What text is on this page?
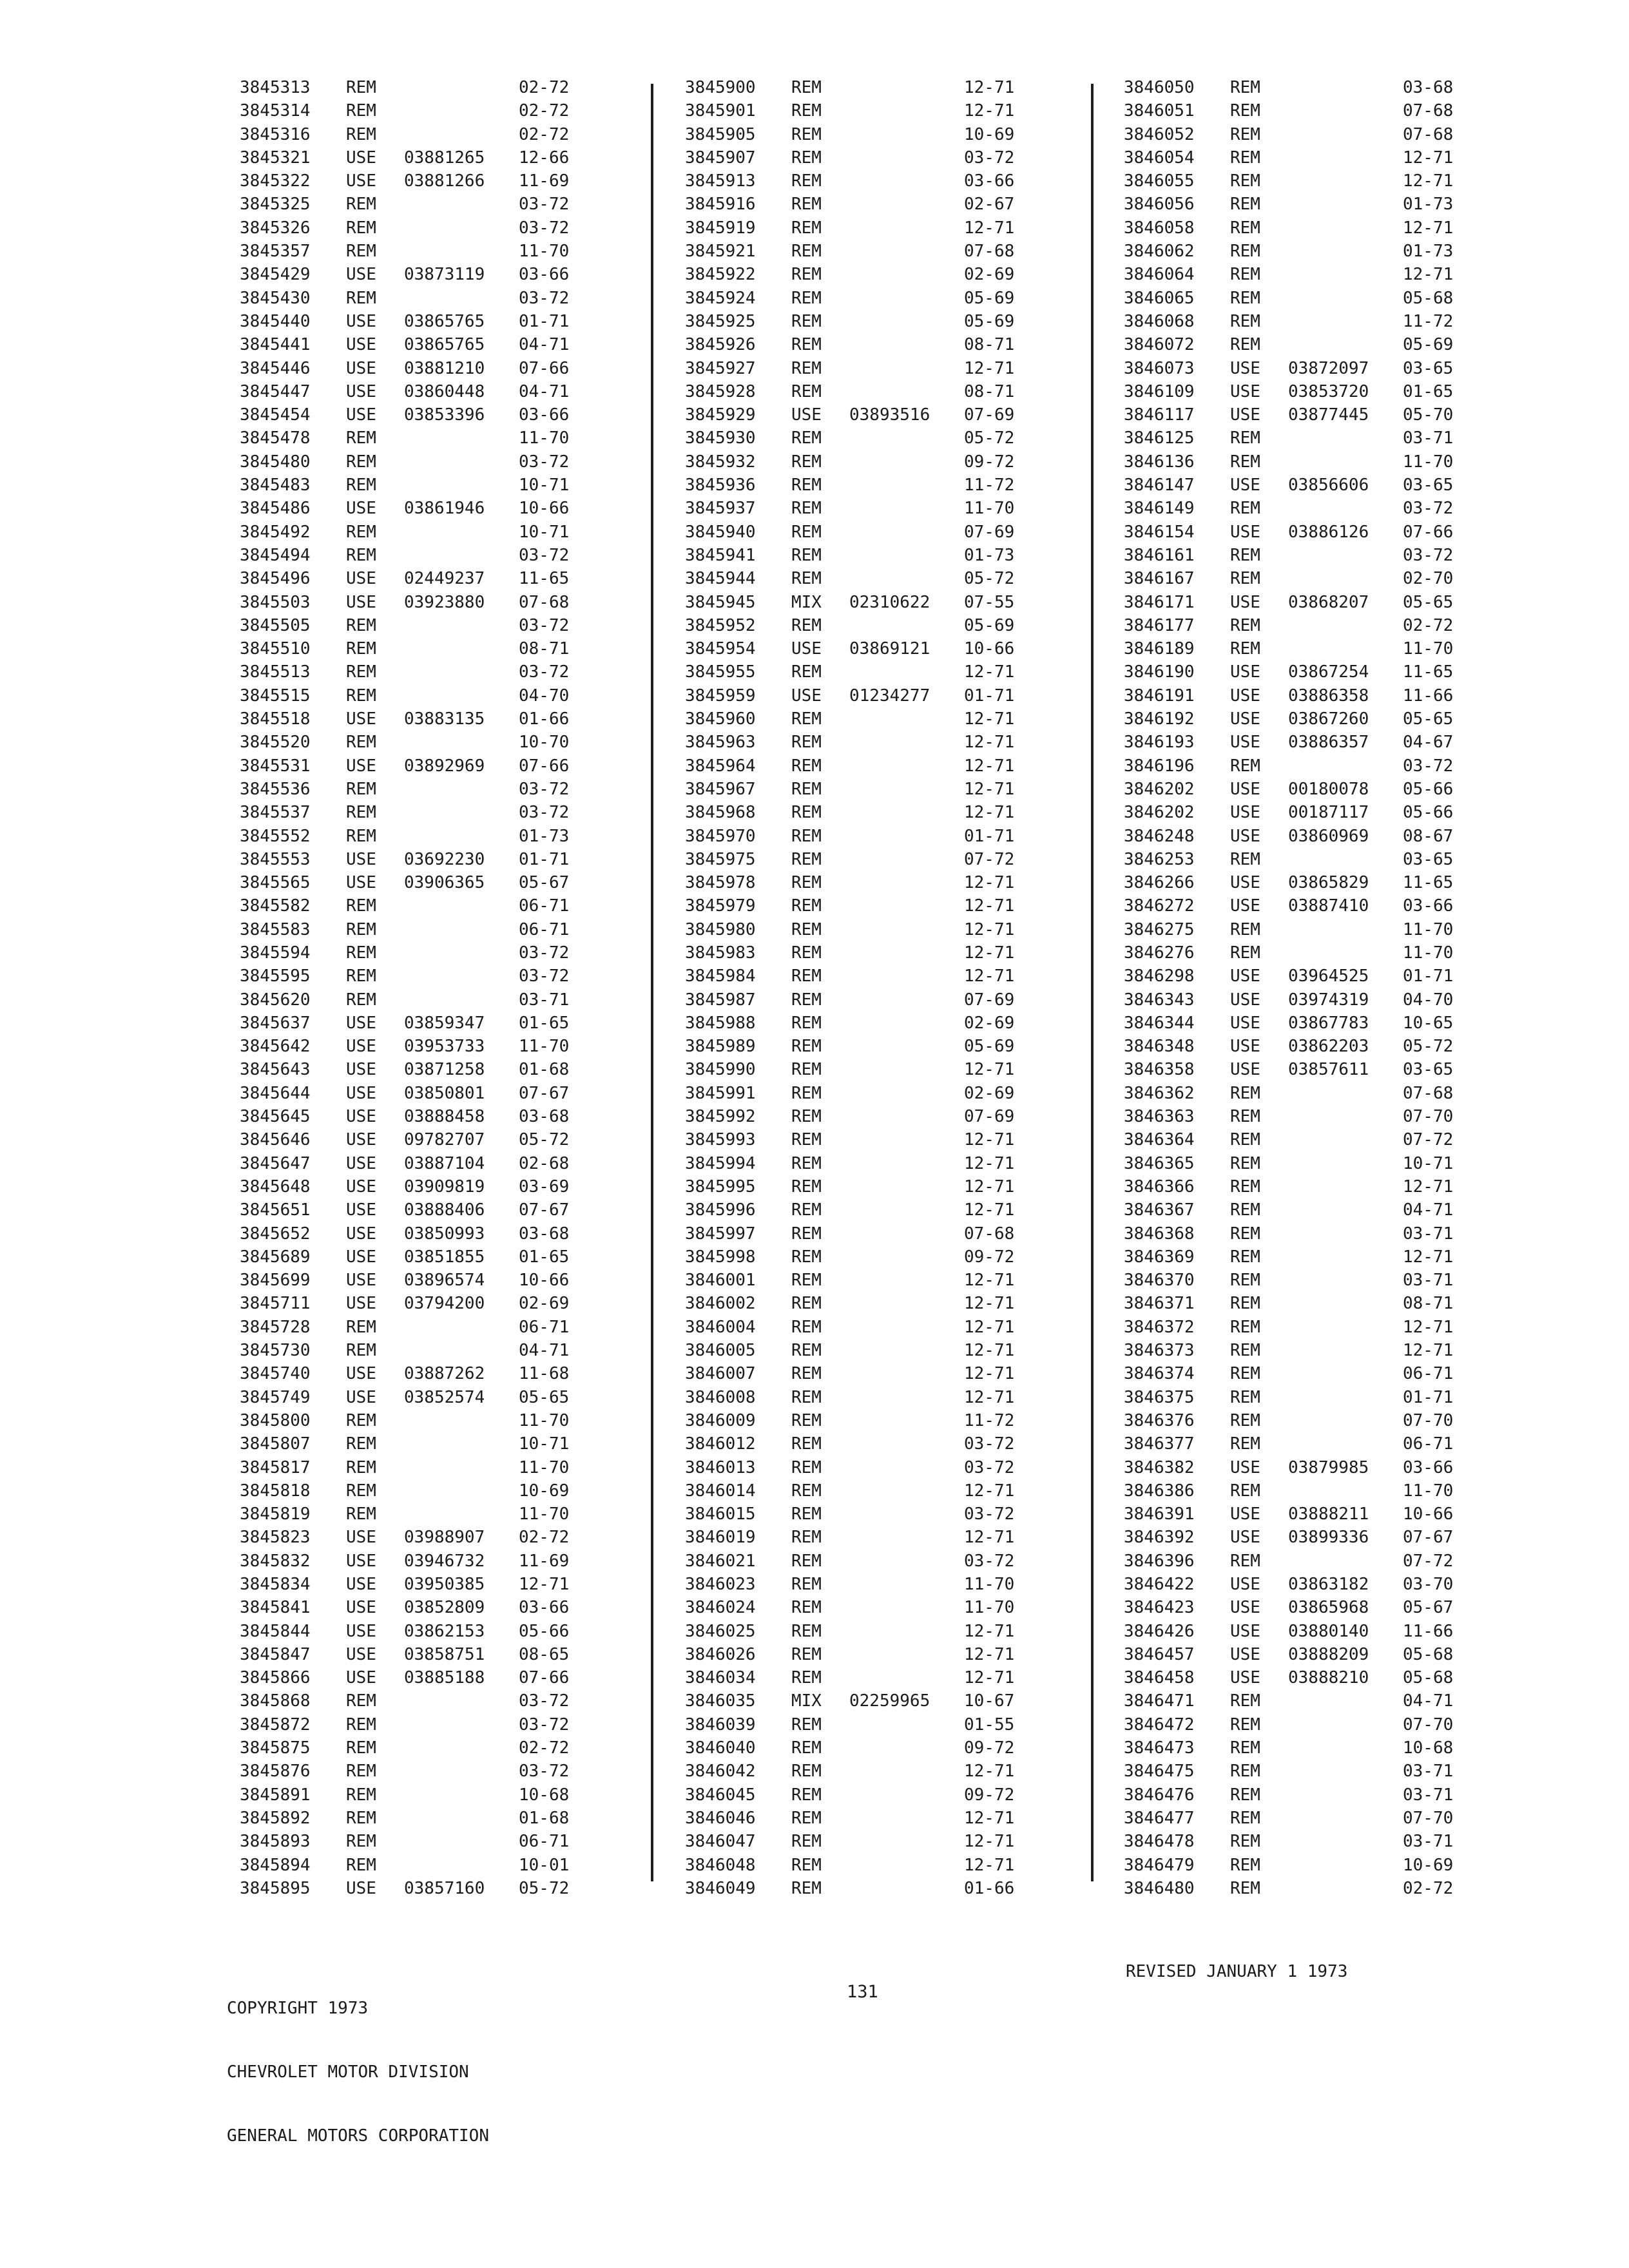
3845313 REM	02-72
3845314 REM	02-72
3845316 REM	02-72
3845321 USE 03881265 12-66
3845322 USE 03881266 11-69
3845325 REM	03-72
3845326 REM	03-72
3845357 REM	11-70
3845429 USE 03873119 03-66
3845430 REM	03-72
3845440 USE 03865765 01-71
3845441 USE 03865765 04-71
3845446 USE 03881210 07-66
3845447 USE 03860448 04-71
3845454 USE 03853396 03-66
3845478 REM	11-70
3845480 REM	03-72
3845483 REM	10-71
3845486 USE 03861946 10-66
3845492 REM	10-71
3845494 REM	03-72
3845496 USE 02449237 11-65
3845503 USE 03923880 07-68
3845505 REM	03-72
3845510 REM	08-71
3845513 REM	03-72
3845515 REM	04-70
3845518 USE 03883135 01-66
3845520 REM	10-70
3845531 USE 03892969 07-66
3845536 REM	03-72
3845537 REM	03-72
3845552 REM	01-73
3845553 USE 03692230 01-71
3845565 USE 03906365 05-67
3845582 REM	06-71
3845583 REM	06-71
3845594 REM	03-72
3845595 REM	03-72
3845620 REM	03-71
3845637 USE 03859347 01-65
3845642 USE 03953733 11-70
3845643 USE 03871258 01-68
3845644 USE 03850801 07-67
3845645 USE 03888458 03-68
3845646 USE 09782707 05-72
3845647 USE 03887104 02-68
3845648 USE 03909819 03-69
3845651 USE 03888406 07-67
3845652 USE 03850993 03-68
3845689 USE 03851855 01-65
3845699 USE 03896574 10-66
3845711 USE 03794200 02-69
3845728 REM	06-71
3845730 REM	04-71
3845740 USE 03887262 11-68
3845749 USE 03852574 05-65
3845800 REM	11-70
3845807 REM	10-71
3845817 REM	11-70
3845818 REM	10-69
3845819 REM	11-70
3845823 USE 03988907 02-72
3845832 USE 03946732 11-69
3845834 USE 03950385 12-71
3845841 USE 03852809 03-66
3845844 USE 03862153 05-66
3845847 USE 03858751 08-65
3845866 USE 03885188 07-66
3845868 REM	03-72
3845872 REM	03-72
3845875 REM	02-72
3845876 REM	03-72
3845891 REM	10-68
3845892 REM	01-68
3845893 REM	06-71
3845894 REM	10-01
3845895 USE 03857160 05-72
3845900 REM	12-71
3845901 REM	12-71
3845905 REM	10-69
3845907 REM	03-72
3845913 REM	03-66
3845916 REM	02-67
3845919 REM	12-71
3845921 REM	07-68
3845922 REM	02-69
3845924 REM	05-69
3845925 REM	05-69
3845926 REM	08-71
3845927 REM	12-71
3845928 REM	08-71
3845929 USE 03893516 07-69
3845930 REM	05-72
3845932 REM	09-72
3845936 REM	11-72
3845937 REM	11-70
3845940 REM	07-69
3845941 REM	01-73
3845944 REM	05-72
3845945 MIX 02310622 07-55
3845952 REM	05-69
3845954 USE 03869121 10-66
3845955 REM	12-71
3845959 USE 01234277 01-71
3845960 REM	12-71
3845963 REM	12-71
3845964 REM	12-71
3845967 REM	12-71
3845968 REM	12-71
3845970 REM	01-71
3845975 REM	07-72
3845978 REM	12-71
3845979 REM	12-71
3845980 REM	12-71
3845983 REM	12-71
3845984 REM	12-71
3845987 REM	07-69
3845988 REM	02-69
3845989 REM	05-69
3845990 REM	12-71
3845991 REM	02-69
3845992 REM	07-69
3845993 REM	12-71
3845994 REM	12-71
3845995 REM	12-71
3845996 REM	12-71
3845997 REM	07-68
3845998 REM	09-72
3846001 REM	12-71
3846002 REM	12-71
3846004 REM	12-71
3846005 REM	12-71
3846007 REM	12-71
3846008 REM	12-71
3846009 REM	11-72
3846012 REM	03-72
3846013 REM	03-72
3846014 REM	12-71
3846015 REM	03-72
3846019 REM	12-71
3846021 REM	03-72
3846023 REM	11-70
3846024 REM	11-70
3846025 REM	12-71
3846026 REM	12-71
3846034 REM	12-71
3846035 MIX 02259965 10-67
3846039 REM	01-55
3846040 REM	09-72
3846042 REM	12-71
3846045 REM	09-72
3846046 REM	12-71
3846047 REM	12-71
3846048 REM	12-71
3846049 REM	01-66
3846050 REM	03-68
3846051 REM	07-68
3846052 REM	07-68
3846054 REM	12-71
3846055 REM	12-71
3846056 REM	01-73
3846058 REM	12-71
3846062 REM	01-73
3846064 REM	12-71
3846065 REM	05-68
3846068 REM	11-72
3846072 REM	05-69
3846073 USE 03872097 03-65
3846109 USE 03853720 01-65
3846117 USE 03877445 05-70
3846125 REM	03-71
3846136 REM	11-70
3846147 USE 03856606 03-65
3846149 REM	03-72
3846154 USE 03886126 07-66
3846161 REM	03-72
3846167 REM	02-70
3846171 USE 03868207 05-65
3846177 REM	02-72
3846189 REM	11-70
3846190 USE 03867254 11-65
3846191 USE 03886358 11-66
3846192 USE 03867260 05-65
3846193 USE 03886357 04-67
3846196 REM	03-72
3846202 USE 00180078 05-66
3846202 USE 00187117 05-66
3846248 USE 03860969 08-67
3846253 REM	03-65
3846266 USE 03865829 11-65
3846272 USE 03887410 03-66
3846275 REM	11-70
3846276 REM	11-70
3846298 USE 03964525 01-71
3846343 USE 03974319 04-70
3846344 USE 03867783 10-65
3846348 USE 03862203 05-72
3846358 USE 03857611 03-65
3846362 REM	07-68
3846363 REM	07-70
3846364 REM	07-72
3846365 REM	10-71
3846366 REM	12-71
3846367 REM	04-71
3846368 REM	03-71
3846369 REM	12-71
3846370 REM	03-71
3846371 REM	08-71
3846372 REM	12-71
3846373 REM	12-71
3846374 REM	06-71
3846375 REM	01-71
3846376 REM	07-70
3846377 REM	06-71
3846382 USE 03879985 03-66
3846386 REM	11-70
3846391 USE 03888211 10-66
3846392 USE 03899336 07-67
3846396 REM	07-72
3846422 USE 03863182 03-70
3846423 USE 03865968 05-67
3846426 USE 03880140 11-66
3846457 USE 03888209 05-68
3846458 USE 03888210 05-68
3846471 REM	04-71
3846472 REM	07-70
3846473 REM	10-68
3846475 REM	03-71
3846476 REM	03-71
3846477 REM	07-70
3846478 REM	03-71
3846479 REM	10-69
3846480 REM	02-72

COPYRIGHT 1973

CHEVROLET MOTOR DIVISION

GENERAL MOTORS CORPORATION

131
REVISED JANUARY 1 1973
